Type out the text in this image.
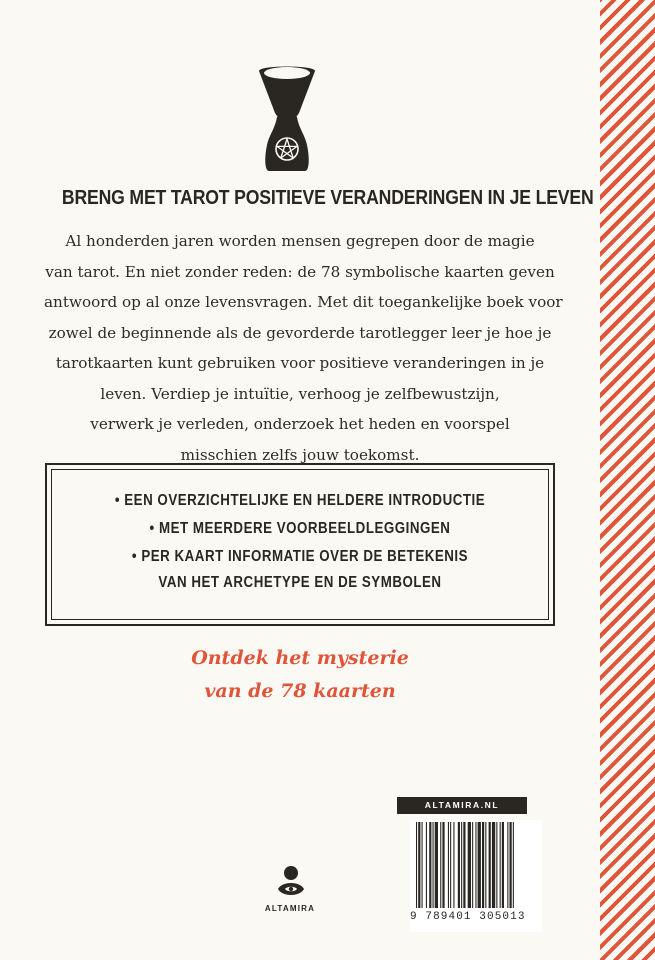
BRENG MET TAROT POSITIEVE VERANDERINGEN IN JE LEVEN
Al honderden jaren worden mensen gegrepen door de magie
van tarot. En niet zonder reden: de 78 symbolische kaarten geven
antwoord op al onze levensvragen. Met dit toegankelijke boek voor
zowel de beginnende als de gevorderde tarotlegger leer je hoe je
tarotkaarten kunt gebruiken voor positieve veranderingen in je
leven. Verdiep je intuïtie, verhoog je zelfbewustzijn,
verwerk je verleden, onderzoek het heden en voorspel
misschien zelfs jouw toekomst.
• EEN OVERZICHTELIJKE EN HELDERE INTRODUCTIE
• MET MEERDERE VOORBEELDLEGGINGEN
• PER KAART INFORMATIE OVER DE BETEKENIS
VAN HET ARCHETYPE EN DE SYMBOLEN
Ontdek het mysterie
van de 78 kaarten
ALTAMIRA.NL
9 789401 305013
ALTAMIRA
